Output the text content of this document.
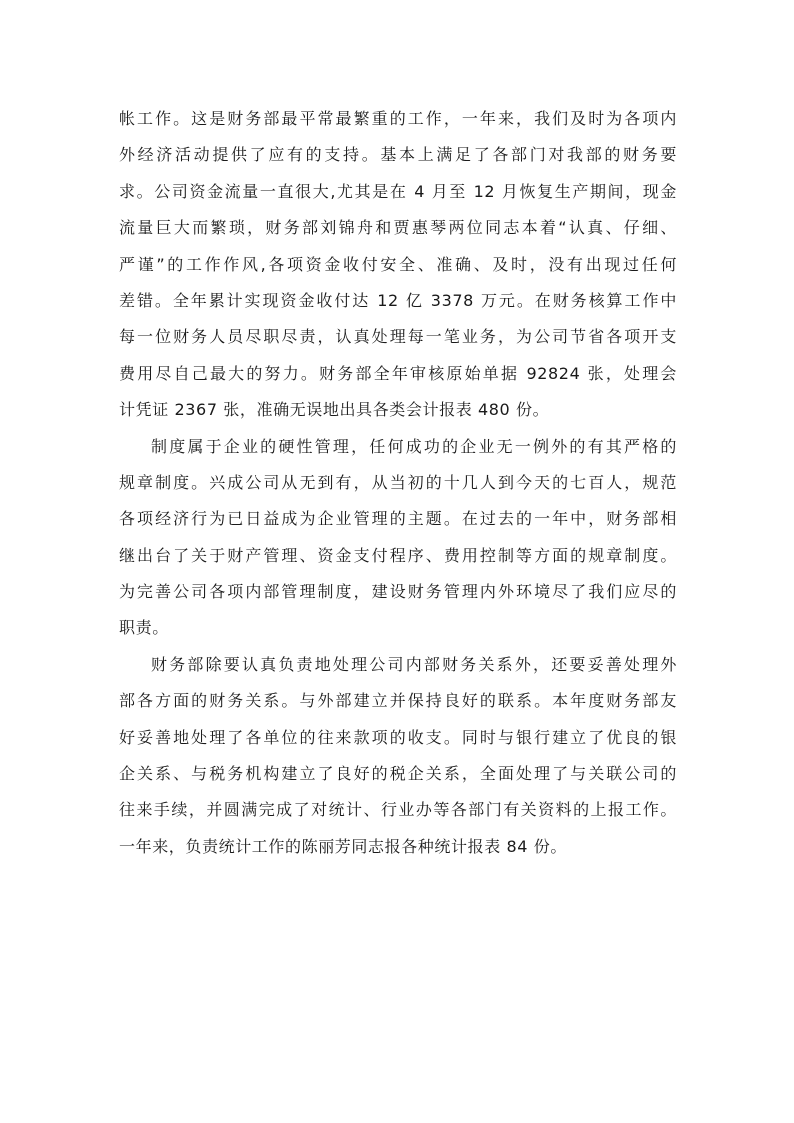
帐工作。这是财务部最平常最繁重的工作，一年来，我们及时为各项内
外经济活动提供了应有的支持。基本上满足了各部门对我部的财务要
求。公司资金流量一直很大,尤其是在 4 月至 12 月恢复生产期间，现金
流量巨大而繁琐，财务部刘锦舟和贾惠琴两位同志本着“认真、仔细、
严谨”的工作作风,各项资金收付安全、准确、及时，没有出现过任何
差错。全年累计实现资金收付达 12 亿 3378 万元。在财务核算工作中
每一位财务人员尽职尽责，认真处理每一笔业务，为公司节省各项开支
费用尽自己最大的努力。财务部全年审核原始单据 92824 张，处理会
计凭证 2367 张，准确无误地出具各类会计报表 480 份。
制度属于企业的硬性管理，任何成功的企业无一例外的有其严格的
规章制度。兴成公司从无到有，从当初的十几人到今天的七百人，规范
各项经济行为已日益成为企业管理的主题。在过去的一年中，财务部相
继出台了关于财产管理、资金支付程序、费用控制等方面的规章制度。
为完善公司各项内部管理制度，建设财务管理内外环境尽了我们应尽的
职责。
财务部除要认真负责地处理公司内部财务关系外，还要妥善处理外
部各方面的财务关系。与外部建立并保持良好的联系。本年度财务部友
好妥善地处理了各单位的往来款项的收支。同时与银行建立了优良的银
企关系、与税务机构建立了良好的税企关系，全面处理了与关联公司的
往来手续，并圆满完成了对统计、行业办等各部门有关资料的上报工作。
一年来，负责统计工作的陈丽芳同志报各种统计报表 84 份。
